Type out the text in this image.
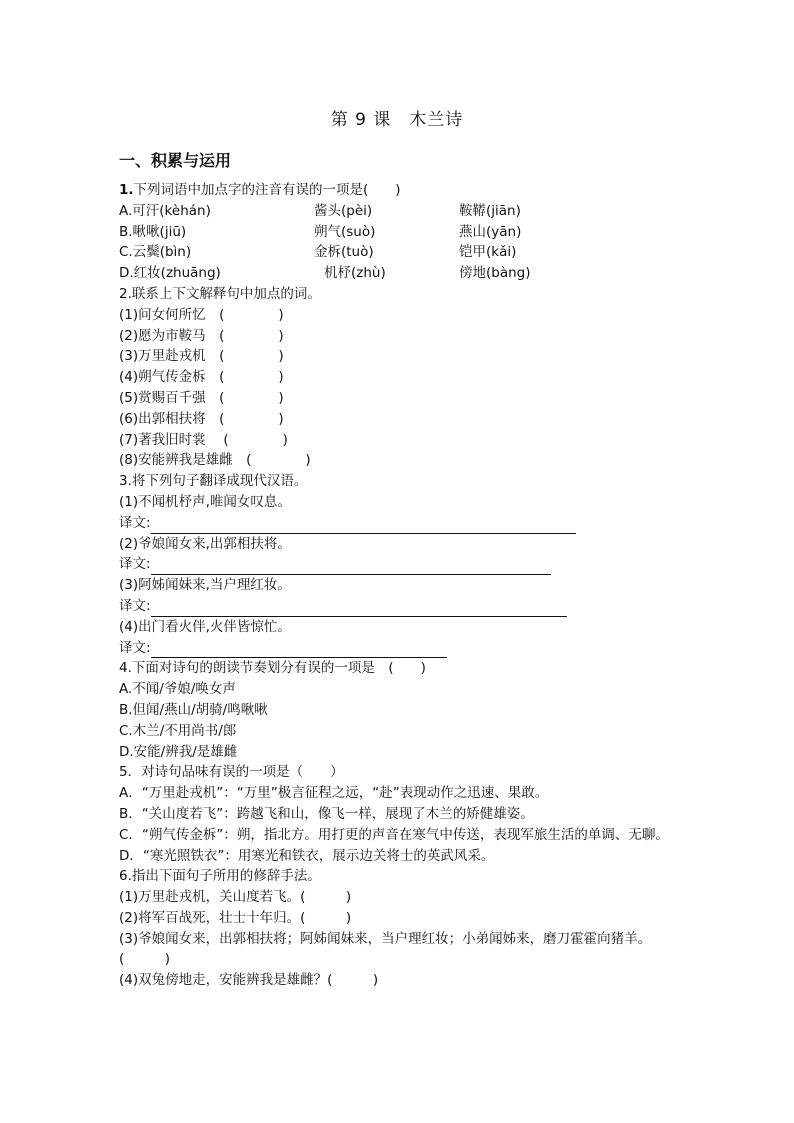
第 9 课　木兰诗
一、积累与运用
1.下列词语中加点字的注音有误的一项是(　　)
A.可汗(kèhán)	酱头(pèi)	鞍鞯(jiān)
B.啾啾(jiū)	朔气(suò)	燕山(yān)
C.云鬓(bìn)	金柝(tuò)	铠甲(kǎi)
D.红妆(zhuāng)	机杼(zhù)	傍地(bàng)
2.联系上下文解释句中加点的词。
(1)问女何所忆　(　　　　)
(2)愿为市鞍马　(　　　　)
(3)万里赴戎机　(　　　　)
(4)朔气传金柝　(　　　　)
(5)赏赐百千强　(　　　　)
(6)出郭相扶将　(　　　　)
(7)著我旧时裳　 (　　　　)
(8)安能辨我是雄雌　(　　　　)
3.将下列句子翻译成现代汉语。
(1)不闻机杼声,唯闻女叹息。
译文:
(2)爷娘闻女来,出郭相扶将。
译文:
(3)阿姊闻妹来,当户理红妆。
译文:
(4)出门看火伴,火伴皆惊忙。
译文:
4.下面对诗句的朗读节奏划分有误的一项是　(　　)
A.不闻/爷娘/唤女声
B.但闻/燕山/胡骑/鸣啾啾
C.木兰/不用尚书/郎
D.安能/辨我/是雄雌
5．对诗句品味有误的一项是（　　）
A．“万里赴戎机”：“万里”极言征程之远，“赴”表现动作之迅速、果敢。
B．“关山度若飞”：跨越飞和山，像飞一样，展现了木兰的矫健雄姿。
C．“朔气传金柝”：朔，指北方。用打更的声音在寒气中传送，表现军旅生活的单调、无聊。
D．“寒光照铁衣”：用寒光和铁衣，展示边关将士的英武风采。
6.指出下面句子所用的修辞手法。
(1)万里赴戎机，关山度若飞。(　　　)
(2)将军百战死，壮士十年归。(　　　)
(3)爷娘闻女来，出郭相扶将；阿姊闻妹来，当户理红妆；小弟闻姊来，磨刀霍霍向猪羊。(　　　)
(4)双兔傍地走，安能辨我是雄雌？(　　　)
